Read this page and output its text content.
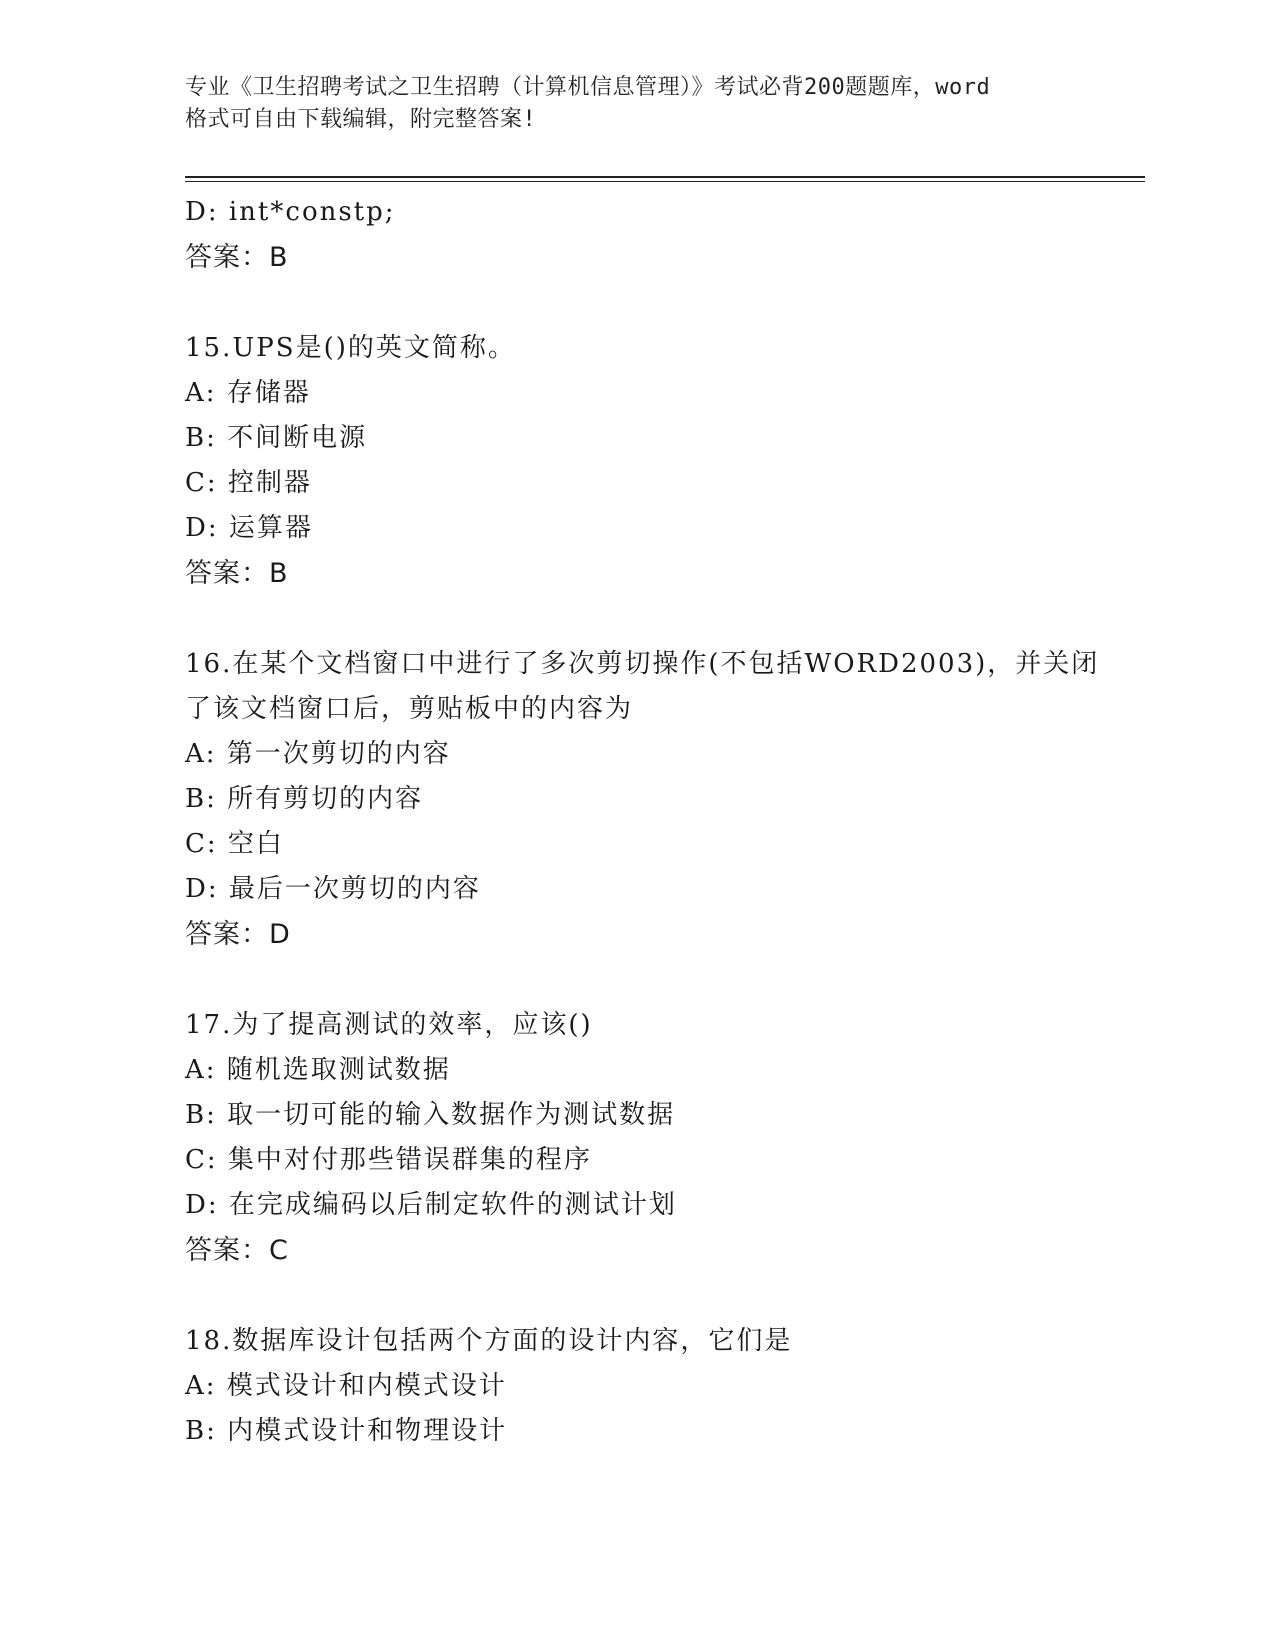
专业《卫生招聘考试之卫生招聘（计算机信息管理）》考试必背200题题库，word
格式可自由下载编辑，附完整答案!
D: int*constp;
答案：B
15.UPS是()的英文简称。
A: 存储器
B: 不间断电源
C: 控制器
D: 运算器
答案：B
16.在某个文档窗口中进行了多次剪切操作(不包括WORD2003)，并关闭
了该文档窗口后，剪贴板中的内容为
A: 第一次剪切的内容
B: 所有剪切的内容
C: 空白
D: 最后一次剪切的内容
答案：D
17.为了提高测试的效率，应该()
A: 随机选取测试数据
B: 取一切可能的输入数据作为测试数据
C: 集中对付那些错误群集的程序
D: 在完成编码以后制定软件的测试计划
答案：C
18.数据库设计包括两个方面的设计内容，它们是
A: 模式设计和内模式设计
B: 内模式设计和物理设计
